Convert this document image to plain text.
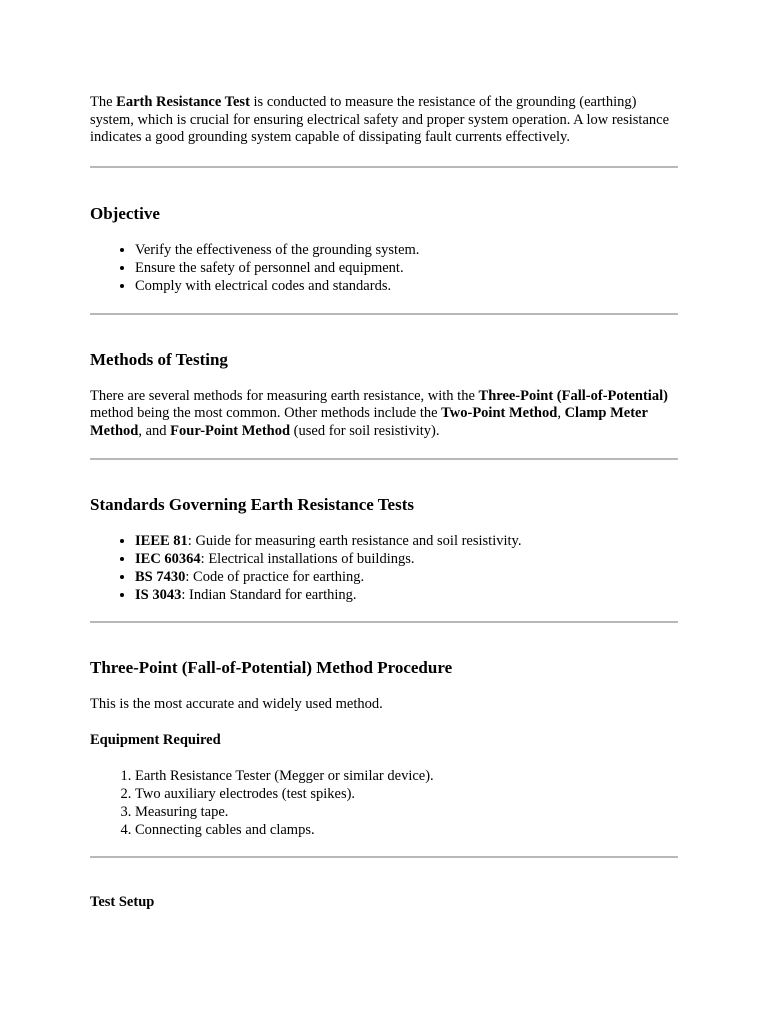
The Earth Resistance Test is conducted to measure the resistance of the grounding (earthing) system, which is crucial for ensuring electrical safety and proper system operation. A low resistance indicates a good grounding system capable of dissipating fault currents effectively.

Objective
• Verify the effectiveness of the grounding system.
• Ensure the safety of personnel and equipment.
• Comply with electrical codes and standards.
Methods of Testing

There are several methods for measuring earth resistance, with the Three-Point (Fall-of-Potential) method being the most common. Other methods include the Two-Point Method, Clamp Meter Method, and Four-Point Method (used for soil resistivity).

Standards Governing Earth Resistance Tests
• IEEE 81: Guide for measuring earth resistance and soil resistivity.
• IEC 60364: Electrical installations of buildings.
• BS 7430: Code of practice for earthing.
• IS 3043: Indian Standard for earthing.
Three-Point (Fall-of-Potential) Method Procedure

This is the most accurate and widely used method.

Equipment Required
1. Earth Resistance Tester (Megger or similar device).
2. Two auxiliary electrodes (test spikes).
3. Measuring tape.
4. Connecting cables and clamps.
Test Setup
